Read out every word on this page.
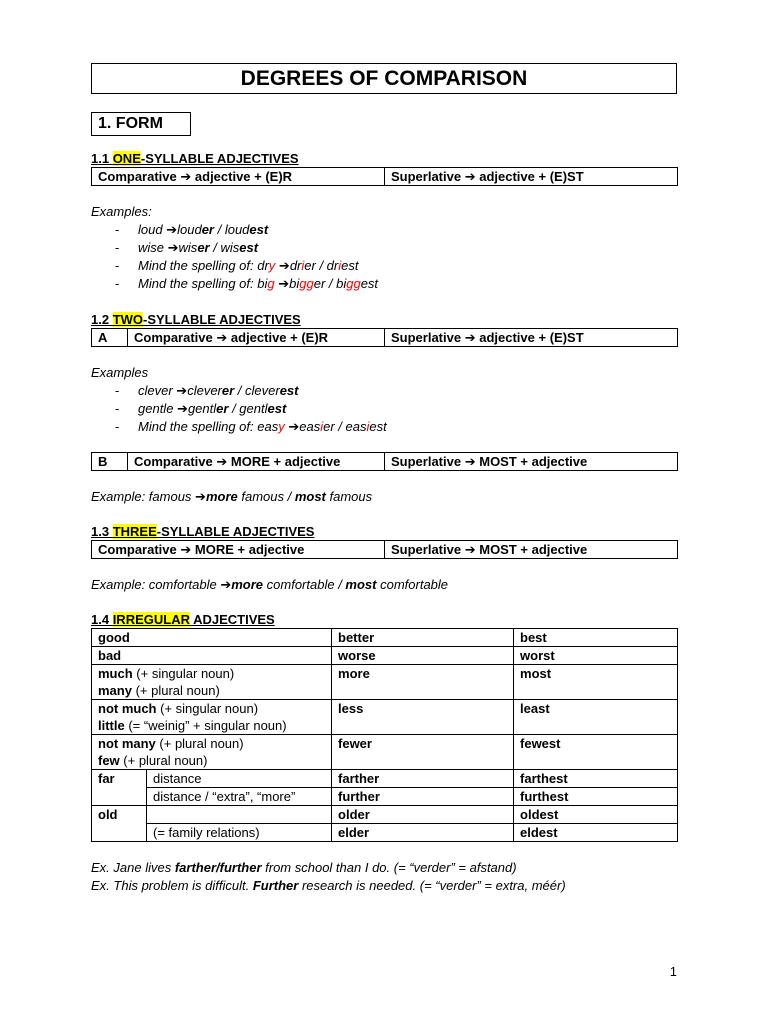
DEGREES OF COMPARISON
1. FORM
1.1 ONE-SYLLABLE ADJECTIVES
Comparative ➔ adjective + (E)R	Superlative ➔ adjective + (E)ST
Examples:
- loud ➔louder / loudest
- wise ➔wiser / wisest
- Mind the spelling of: dry ➔drier / driest
- Mind the spelling of: big ➔bigger / biggest
1.2 TWO-SYLLABLE ADJECTIVES
A	Comparative ➔ adjective + (E)R	Superlative ➔ adjective + (E)ST
Examples
- clever ➔cleverer / cleverest
- gentle ➔gentler / gentlest
- Mind the spelling of: easy ➔easier / easiest
B	Comparative ➔ MORE + adjective	Superlative ➔ MOST + adjective
Example: famous ➔more famous / most famous
1.3 THREE-SYLLABLE ADJECTIVES
Comparative ➔ MORE + adjective	Superlative ➔ MOST + adjective
Example: comfortable ➔more comfortable / most comfortable
1.4 IRREGULAR ADJECTIVES
good		better	best
bad		worse	worst
much (+ singular noun)
many (+ plural noun)		more	most
not much (+ singular noun)
little (= “weinig” + singular noun)		less	least
not many (+ plural noun)
few (+ plural noun)		fewer	fewest
far	distance	farther	farthest
	distance / “extra”, “more”	further	furthest
old		older	oldest
	(= family relations)	elder	eldest
Ex. Jane lives farther/further from school than I do. (= “verder” = afstand)
Ex. This problem is difficult. Further research is needed. (= “verder” = extra, méér)
1
